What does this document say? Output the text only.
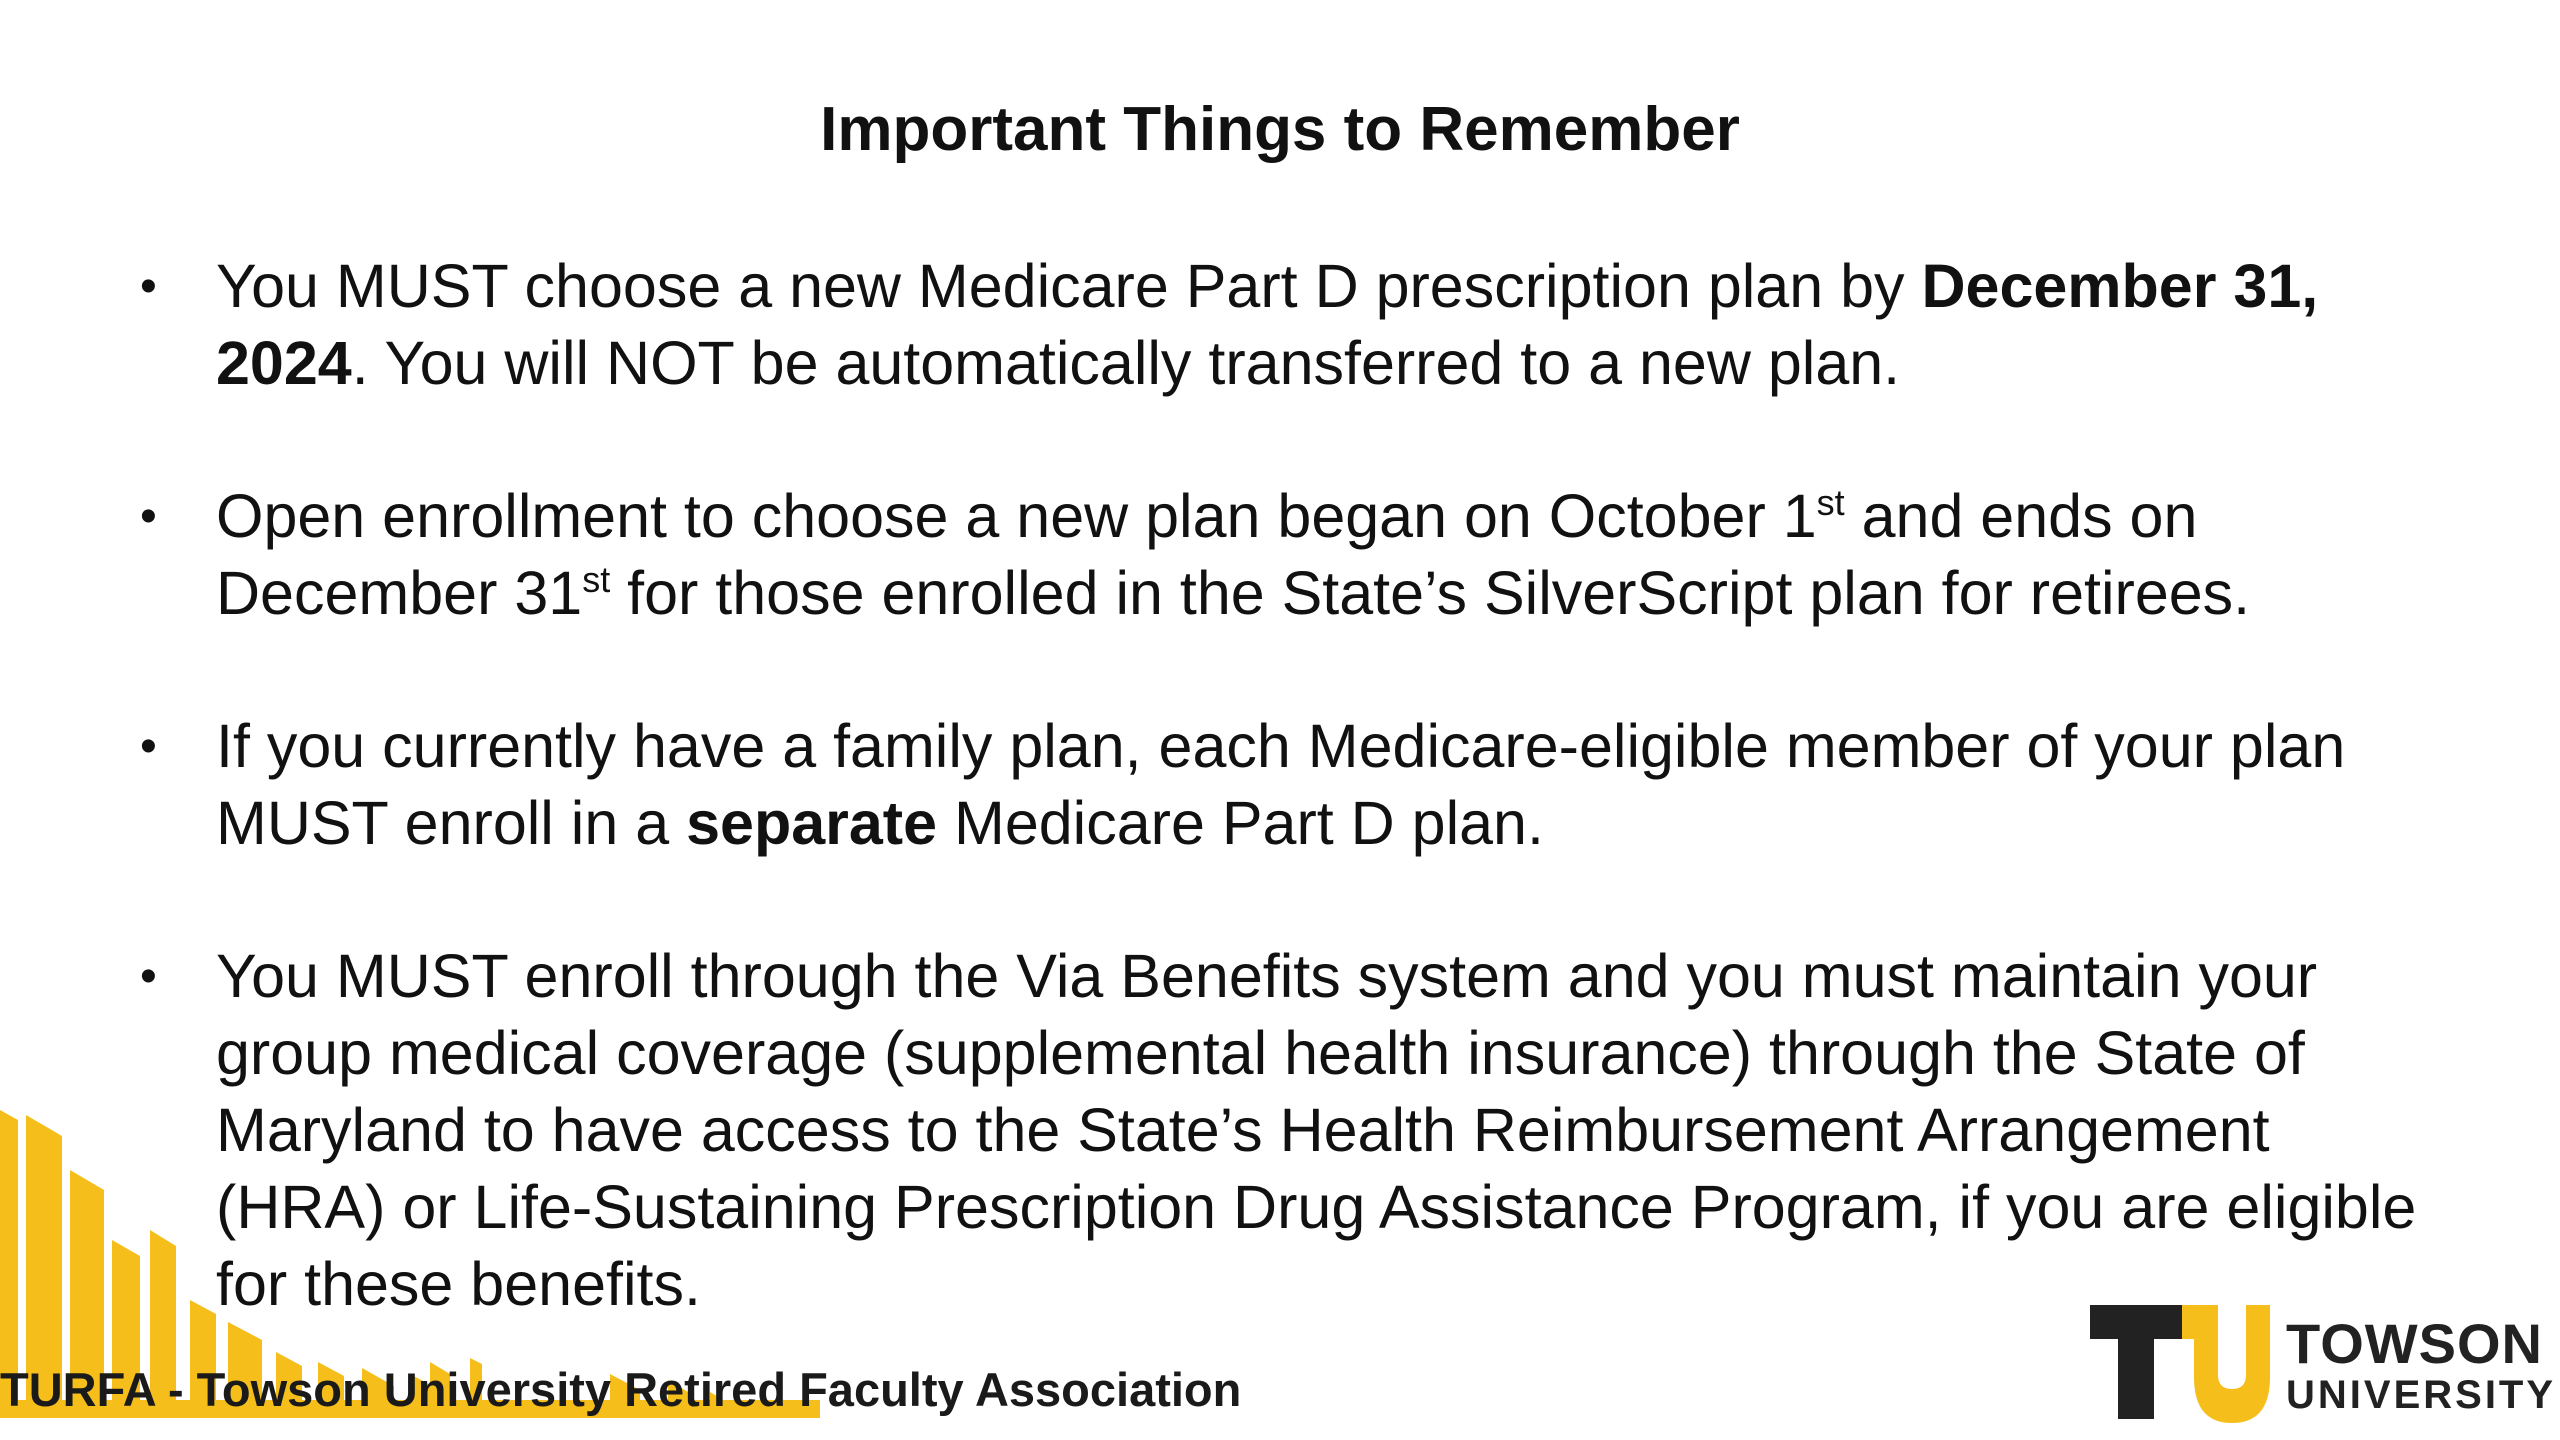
Important Things to Remember
• You MUST choose a new Medicare Part D prescription plan by December 31, 2024. You will NOT be automatically transferred to a new plan.
• Open enrollment to choose a new plan began on October 1st and ends on December 31st for those enrolled in the State’s SilverScript plan for retirees.
• If you currently have a family plan, each Medicare-eligible member of your plan MUST enroll in a separate Medicare Part D plan.
• You MUST enroll through the Via Benefits system and you must maintain your group medical coverage (supplemental health insurance) through the State of Maryland to have access to the State’s Health Reimbursement Arrangement (HRA) or Life-Sustaining Prescription Drug Assistance Program, if you are eligible for these benefits.
TURFA - Towson University Retired Faculty Association
TOWSON
UNIVERSITY
